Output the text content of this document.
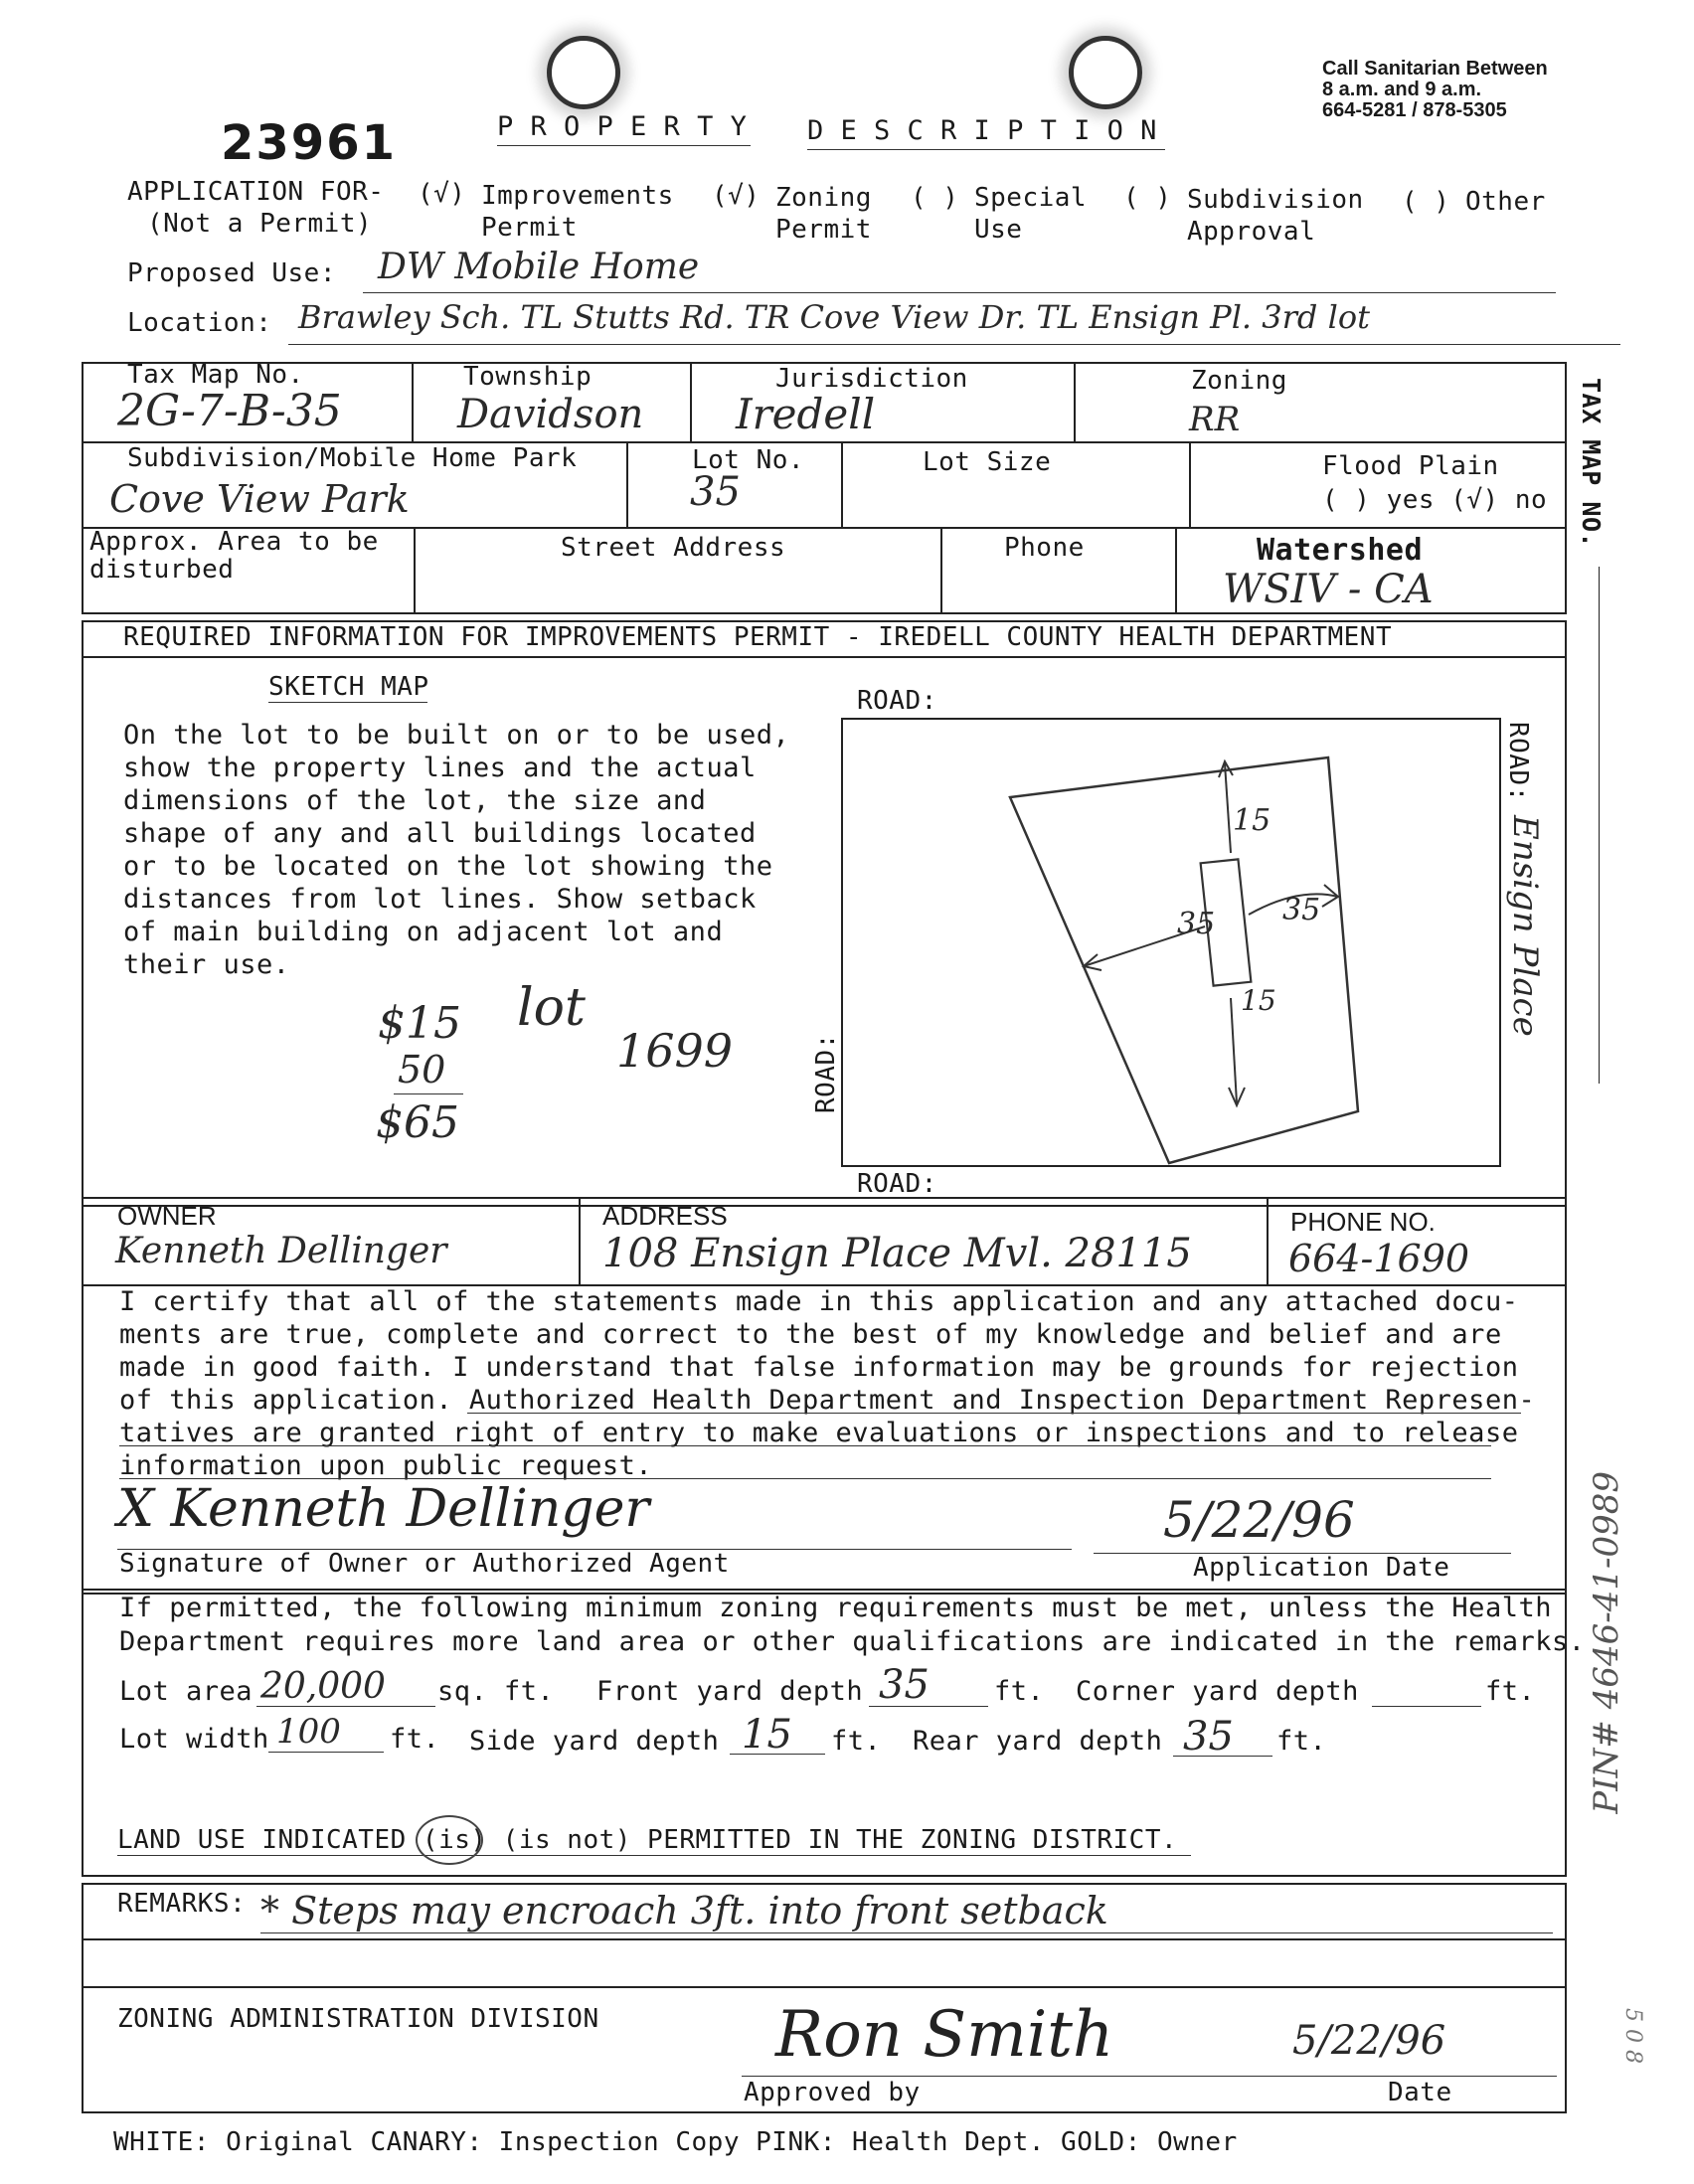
23961	P R O P E R T Y D E S C R I P T I O N
Call Sanitarian Between
8 a.m. and 9 a.m.
664-5281 / 878-5305
APPLICATION FOR-
(Not a Permit)
(√) Improvements
Permit
(√) Zoning
Permit
( ) Special
Use
( ) Subdivision
Approval
( ) Other
Proposed Use: DW Mobile Home
Location: Brawley Sch. TL Stutts Rd. TR Cove View Dr. TL Ensign Pl. 3rd lot
Tax Map No.
2G-7-B-35
Township
Davidson
Jurisdiction
Iredell
Zoning
RR
Subdivision/Mobile Home Park
Cove View Park
Lot No.
35
Lot Size	Flood Plain
( ) yes (√) no
Approx. Area to be
disturbed
Street Address	Phone	Watershed
WSIV - CA
TAX MAP NO.
REQUIRED INFORMATION FOR IMPROVEMENTS PERMIT - IREDELL COUNTY HEALTH DEPARTMENT
SKETCH MAP
On the lot to be built on or to be used,
show the property lines and the actual
dimensions of the lot, the size and
shape of any and all buildings located
or to be located on the lot showing the
distances from lot lines. Show setback
of main building on adjacent lot and
their use.
$15
50
$65
lot
1699
ROAD:
ROAD:
ROAD:
ROAD:
Ensign Place
15
35 35
15
OWNER
Kenneth Dellinger
ADDRESS
108 Ensign Place Mvl. 28115
PHONE NO.
664-1690
I certify that all of the statements made in this application and any attached docu-
ments are true, complete and correct to the best of my knowledge and belief and are
made in good faith. I understand that false information may be grounds for rejection
of this application. Authorized Health Department and Inspection Department Represen-
tatives are granted right of entry to make evaluations or inspections and to release
information upon public request.
X Kenneth Dellinger
Signature of Owner or Authorized Agent
5/22/96
Application Date
If permitted, the following minimum zoning requirements must be met, unless the Health
Department requires more land area or other qualifications are indicated in the remarks.
Lot area 20,000 sq. ft. Front yard depth 35 ft. Corner yard depth	ft.
Lot width 100 ft. Side yard depth 15 ft. Rear yard depth 35 ft.
LAND USE INDICATED (is) (is not) PERMITTED IN THE ZONING DISTRICT.
REMARKS: * Steps may encroach 3ft. into front setback
ZONING ADMINISTRATION DIVISION	Ron Smith	5/22/96
Approved by	Date
WHITE: Original CANARY: Inspection Copy PINK: Health Dept. GOLD: Owner
PIN# 4646-41-0989
5 0 8
